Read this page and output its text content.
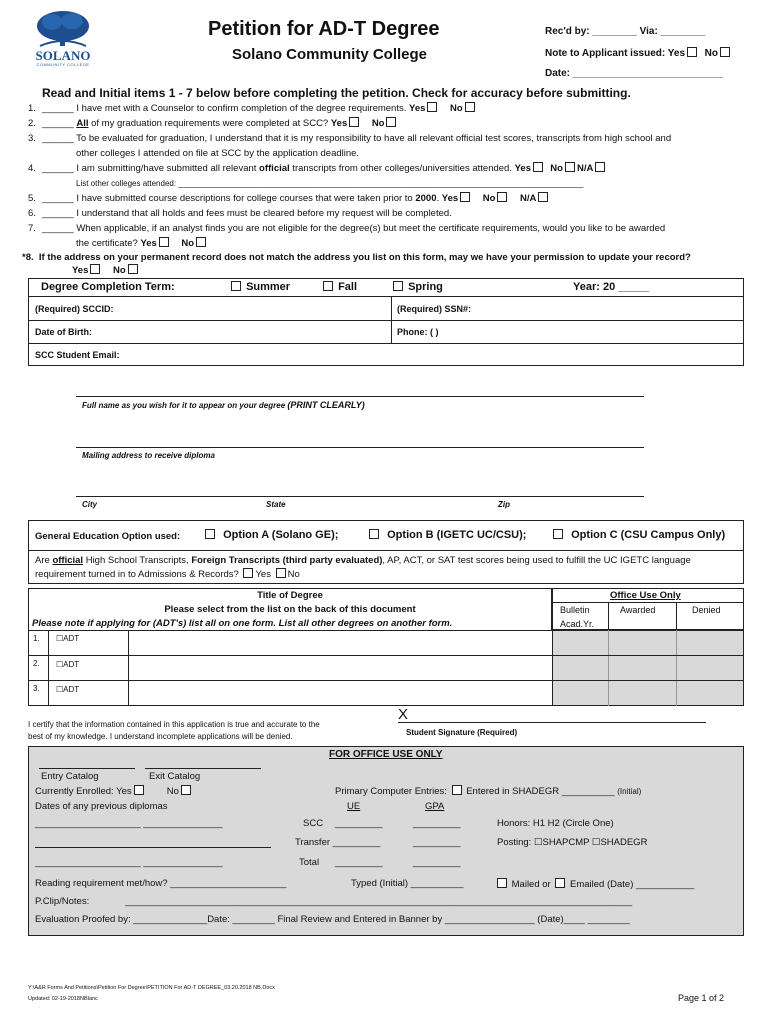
SOLANO
COMMUNITY COLLEGE
Petition for AD-T Degree
Solano Community College
Rec'd by: ________ Via: ________
Note to Applicant issued: Yes No
Date: ___________________________
Read and Initial items 1 - 7 below before completing the petition. Check for accuracy before submitting.
1. ______ I have met with a Counselor to confirm completion of the degree requirements. Yes	No
2. ______ All of my graduation requirements were completed at SCC? Yes	No
3. ______ To be evaluated for graduation, I understand that it is my responsibility to have all relevant official test scores, transcripts from high school and
other colleges I attended on file at SCC by the application deadline.
4. ______ I am submitting/have submitted all relevant official transcripts from other colleges/universities attended. Yes No N/A
List other colleges attended: ___________________________________________________________________________________________
5. ______ I have submitted course descriptions for college courses that were taken prior to 2000. Yes	No	N/A
6. ______ I understand that all holds and fees must be cleared before my request will be completed.
7. ______ When applicable, if an analyst finds you are not eligible for the degree(s) but meet the certificate requirements, would you like to be awarded
the certificate? Yes	No
*8. If the address on your permanent record does not match the address you list on this form, may we have your permission to update your record?
Yes	No
Degree Completion Term:	Summer	Fall	Spring	Year: 20 _____
(Required) SCCID:	(Required) SSN#:
Date of Birth:	Phone: ( )
SCC Student Email:
Full name as you wish for it to appear on your degree (PRINT CLEARLY)
Mailing address to receive diploma
City	State	Zip
General Education Option used:	Option A (Solano GE);	Option B (IGETC UC/CSU);	Option C (CSU Campus Only)
Are official High School Transcripts, Foreign Transcripts (third party evaluated), AP, ACT, or SAT test scores being used to fulfill the UC IGETC language
requirement turned in to Admissions & Records? Yes No
Title of Degree
Please select from the list on the back of this document
Please note if applying for (ADT's) list all on one form. List all other degrees on another form.
Office Use Only
Bulletin
Acad.Yr.
Awarded	Denied
1. ☐ADT
2. ☐ADT
3. ☐ADT
I certify that the information contained in this application is true and accurate to the
best of my knowledge. I understand incomplete applications will be denied.
X
Student Signature (Required)
FOR OFFICE USE ONLY
Entry Catalog	Exit Catalog
Currently Enrolled: Yes	No	Primary Computer Entries: Entered in SHADEGR __________ (Initial)
Dates of any previous diplomas	UE	GPA
____________________ _______________	SCC _________	_________	Honors: H1 H2 (Circle One)
Transfer _________	_________	Posting: ☐SHAPCMP ☐SHADEGR
____________________ _______________	Total _________	_________
Reading requirement met/how? ______________________	Typed (Initial) __________	Mailed or Emailed (Date) ___________
P.Clip/Notes:	________________________________________________________________________________________________
Evaluation Proofed by: ______________Date: ________ Final Review and Entered in Banner by _________________ (Date)____ ________
Y:\A&R Forms And Petitions\Petition For Degree\PETITION For AD-T DEGREE_03.20.2018 NB.Docx
Updated: 02-19-2018NBlanc	Page 1 of 2
